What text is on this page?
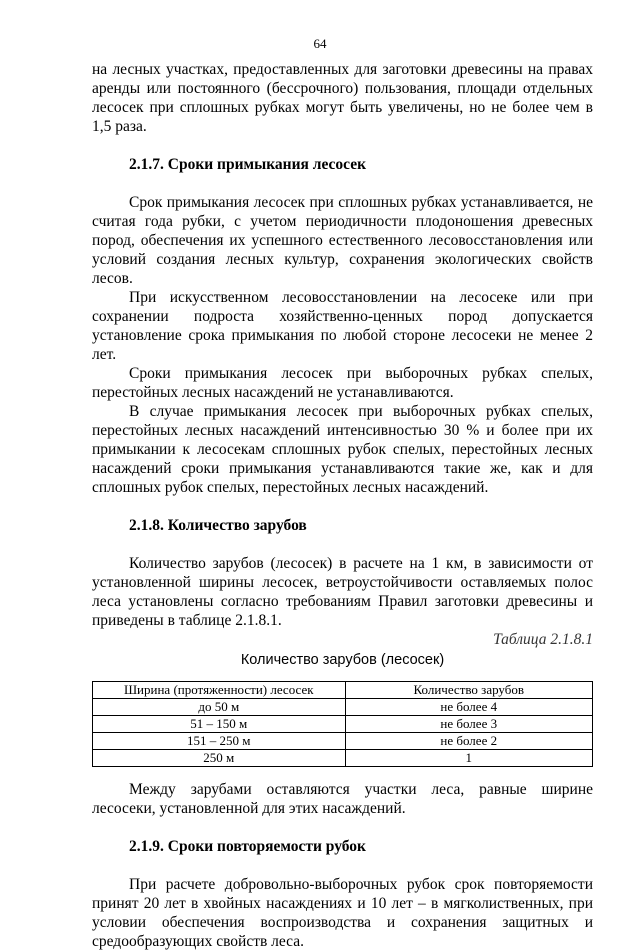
64

на лесных участках, предоставленных для заготовки древесины на правах аренды или постоянного (бессрочного) пользования, площади отдельных лесосек при сплошных рубках могут быть увеличены, но не более чем в 1,5 раза.

2.1.7. Сроки примыкания лесосек

Срок примыкания лесосек при сплошных рубках устанавливается, не считая года рубки, с учетом периодичности плодоношения древесных пород, обеспечения их успешного естественного лесовосстановления или условий создания лесных культур, сохранения экологических свойств лесов.

При искусственном лесовосстановлении на лесосеке или при сохранении подроста хозяйственно-ценных пород допускается установление срока примыкания по любой стороне лесосеки не менее 2 лет.

Сроки примыкания лесосек при выборочных рубках спелых, перестойных лесных насаждений не устанавливаются.

В случае примыкания лесосек при выборочных рубках спелых, перестойных лесных насаждений интенсивностью 30 % и более при их примыкании к лесосекам сплошных рубок спелых, перестойных лесных насаждений сроки примыкания устанавливаются такие же, как и для сплошных рубок спелых, перестойных лесных насаждений.

2.1.8. Количество зарубов

Количество зарубов (лесосек) в расчете на 1 км, в зависимости от установленной ширины лесосек, ветроустойчивости оставляемых полос леса установлены согласно требованиям Правил заготовки древесины и приведены в таблице 2.1.8.1.

Таблица 2.1.8.1
Количество зарубов (лесосек)
Ширина (протяженности) лесосек	Количество зарубов
до 50 м	не более 4
51 – 150 м	не более 3
151 – 250 м	не более 2
250 м	1

Между зарубами оставляются участки леса, равные ширине лесосеки, установленной для этих насаждений.

2.1.9. Сроки повторяемости рубок

При расчете добровольно-выборочных рубок срок повторяемости принят 20 лет в хвойных насаждениях и 10 лет – в мягколиственных, при условии обеспечения воспроизводства и сохранения защитных и средообразующих свойств леса.
